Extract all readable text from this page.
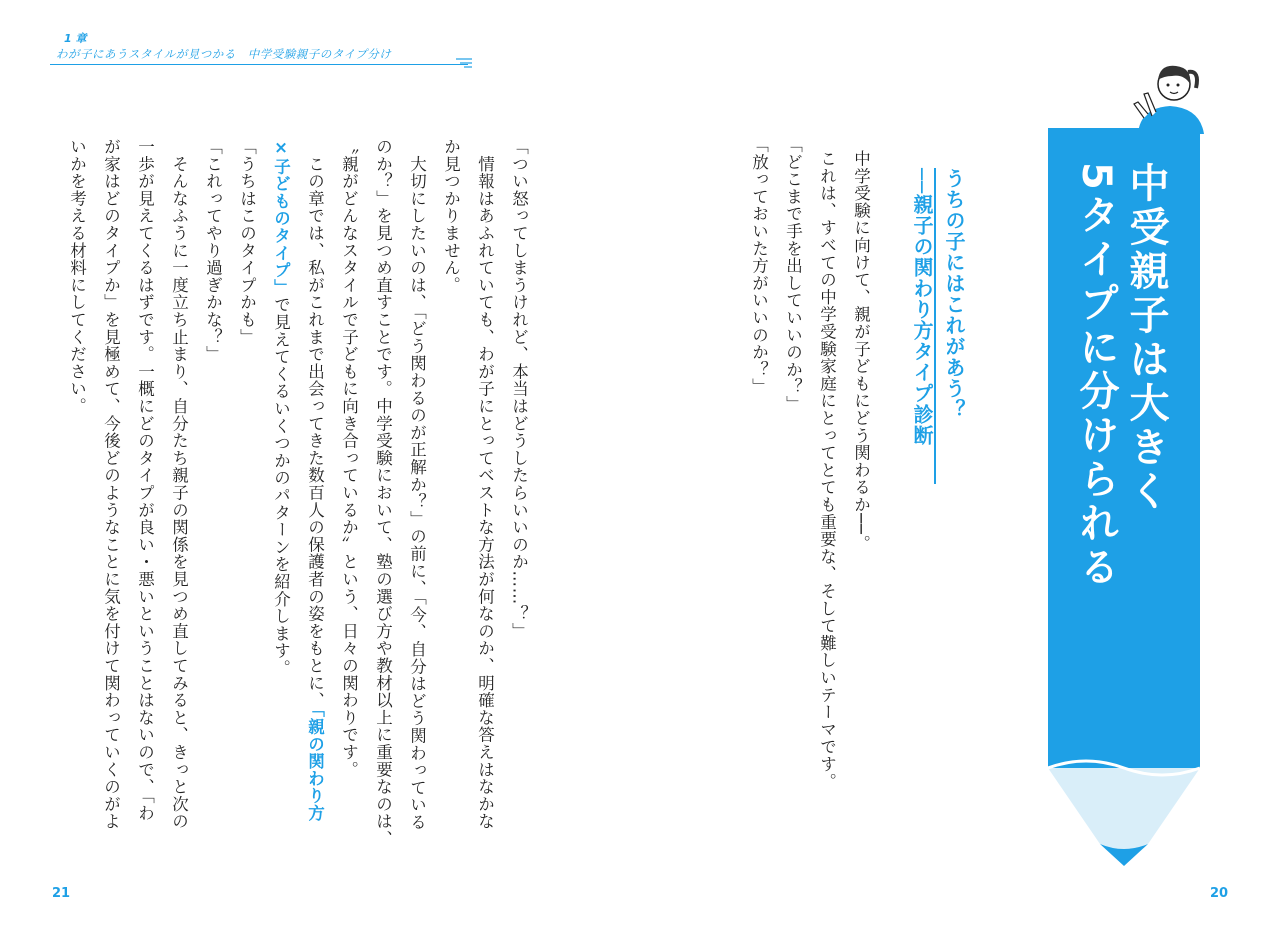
1 章
わが子にあうスタイルが見つかる　中学受験親子のタイプ分け
「つい怒ってしまうけれど、本当はどうしたらいいのか……？」
　情報はあふれていても、わが子にとってベストな方法が何なのか、明確な答えはなかな
か見つかりません。
　大切にしたいのは、「どう関わるのが正解か？」の前に、「今、自分はどう関わっている
のか？」を見つめ直すことです。中学受験において、塾の選び方や教材以上に重要なのは、
〝親がどんなスタイルで子どもに向き合っているか〟という、日々の関わりです。
　この章では、私がこれまで出会ってきた数百人の保護者の姿をもとに、「親の関わり方
×子どものタイプ」で見えてくるいくつかのパターンを紹介します。
「うちはこのタイプかも」
「これってやり過ぎかな？」
　そんなふうに一度立ち止まり、自分たち親子の関係を見つめ直してみると、きっと次の
一歩が見えてくるはずです。一概にどのタイプが良い・悪いということはないので、「わ
が家はどのタイプか」を見極めて、今後どのようなことに気を付けて関わっていくのがよ
いかを考える材料にしてください。
21
うちの子にはこれがあう？
──親子の関わり方タイプ診断
中学受験に向けて、親が子どもにどう関わるか──。
これは、すべての中学受験家庭にとってとても重要な、そして難しいテーマです。
「どこまで手を出していいのか？」
「放っておいた方がいいのか？」
20
中受親子は大きく
5タイプに分けられる
